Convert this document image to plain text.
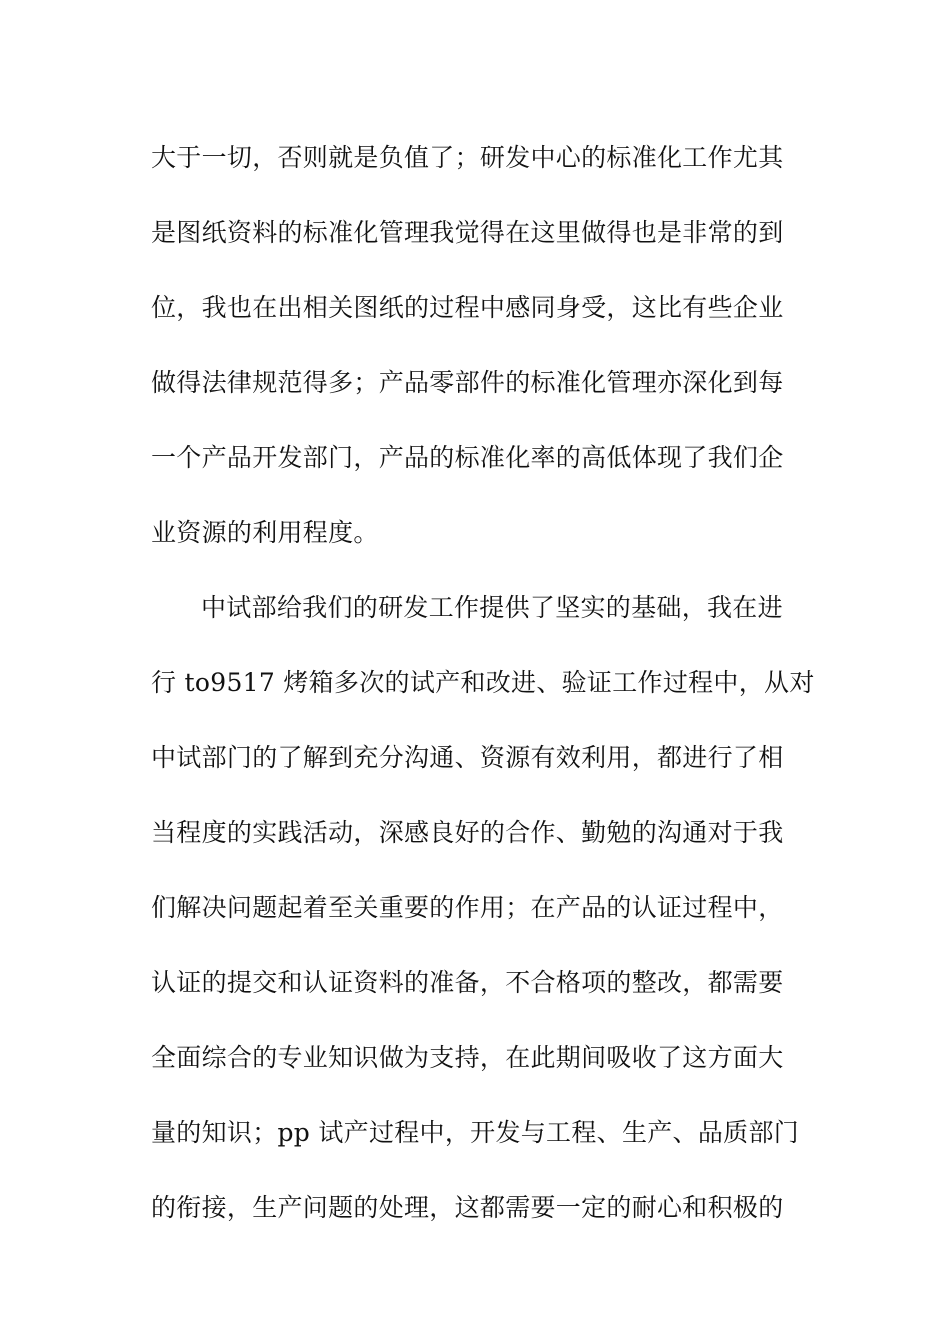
大于一切，否则就是负值了；研发中心的标准化工作尤其
是图纸资料的标准化管理我觉得在这里做得也是非常的到
位，我也在出相关图纸的过程中感同身受，这比有些企业
做得法律规范得多；产品零部件的标准化管理亦深化到每
一个产品开发部门，产品的标准化率的高低体现了我们企
业资源的利用程度。
中试部给我们的研发工作提供了坚实的基础，我在进
行 to9517 烤箱多次的试产和改进、验证工作过程中，从对
中试部门的了解到充分沟通、资源有效利用，都进行了相
当程度的实践活动，深感良好的合作、勤勉的沟通对于我
们解决问题起着至关重要的作用；在产品的认证过程中，
认证的提交和认证资料的准备，不合格项的整改，都需要
全面综合的专业知识做为支持，在此期间吸收了这方面大
量的知识；pp 试产过程中，开发与工程、生产、品质部门
的衔接，生产问题的处理，这都需要一定的耐心和积极的
